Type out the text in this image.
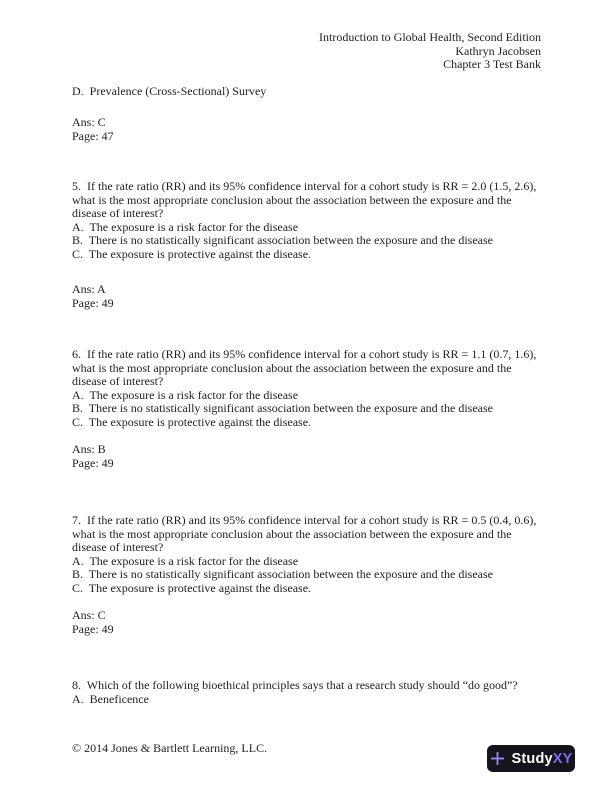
Introduction to Global Health, Second Edition
Kathryn Jacobsen
Chapter 3 Test Bank
D.  Prevalence (Cross-Sectional) Survey
Ans: C
Page: 47
5.  If the rate ratio (RR) and its 95% confidence interval for a cohort study is RR = 2.0 (1.5, 2.6),
what is the most appropriate conclusion about the association between the exposure and the
disease of interest?
A.  The exposure is a risk factor for the disease
B.  There is no statistically significant association between the exposure and the disease
C.  The exposure is protective against the disease.
Ans: A
Page: 49
6.  If the rate ratio (RR) and its 95% confidence interval for a cohort study is RR = 1.1 (0.7, 1.6),
what is the most appropriate conclusion about the association between the exposure and the
disease of interest?
A.  The exposure is a risk factor for the disease
B.  There is no statistically significant association between the exposure and the disease
C.  The exposure is protective against the disease.
Ans: B
Page: 49
7.  If the rate ratio (RR) and its 95% confidence interval for a cohort study is RR = 0.5 (0.4, 0.6),
what is the most appropriate conclusion about the association between the exposure and the
disease of interest?
A.  The exposure is a risk factor for the disease
B.  There is no statistically significant association between the exposure and the disease
C.  The exposure is protective against the disease.
Ans: C
Page: 49
8.  Which of the following bioethical principles says that a research study should “do good”?
A.  Beneficence
© 2014 Jones & Bartlett Learning, LLC.
StudyXY
